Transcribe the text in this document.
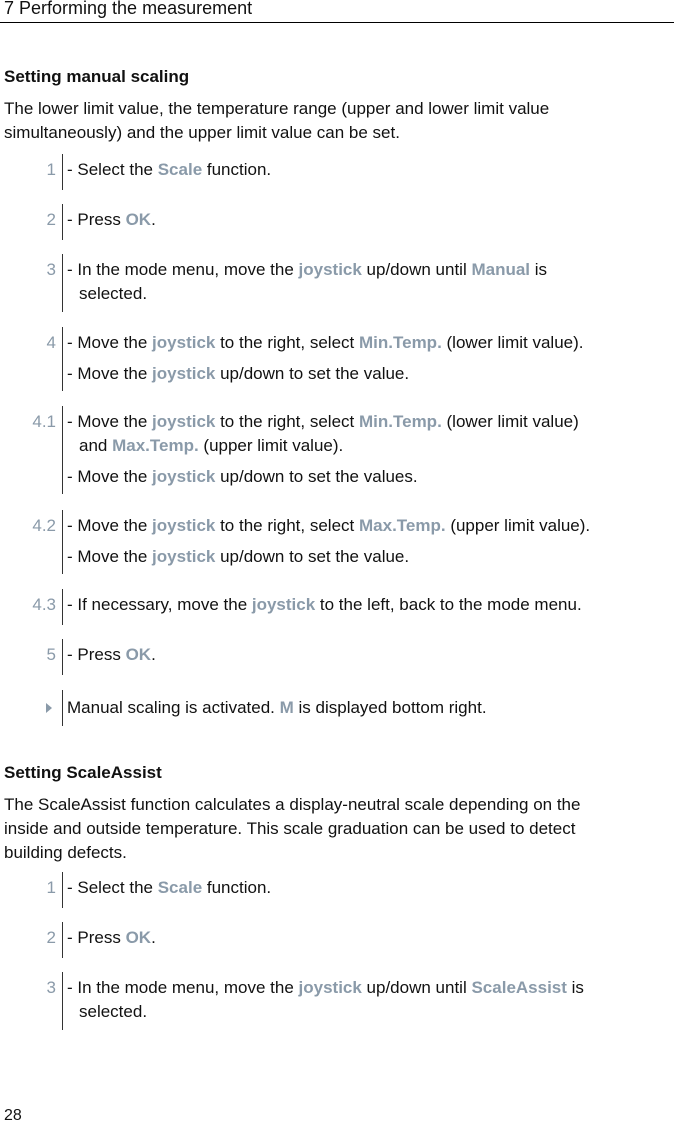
7 Performing the measurement
Setting manual scaling
The lower limit value, the temperature range (upper and lower limit value
simultaneously) and the upper limit value can be set.
1 - Select the Scale function.
2 - Press OK.
3 - In the mode menu, move the joystick up/down until Manual is
selected.
4 - Move the joystick to the right, select Min.Temp. (lower limit value).
- Move the joystick up/down to set the value.
4.1 - Move the joystick to the right, select Min.Temp. (lower limit value)
and Max.Temp. (upper limit value).
- Move the joystick up/down to set the values.
4.2 - Move the joystick to the right, select Max.Temp. (upper limit value).
- Move the joystick up/down to set the value.
4.3 - If necessary, move the joystick to the left, back to the mode menu.
5 - Press OK.
Manual scaling is activated. M is displayed bottom right.
Setting ScaleAssist
The ScaleAssist function calculates a display-neutral scale depending on the
inside and outside temperature. This scale graduation can be used to detect
building defects.
1 - Select the Scale function.
2 - Press OK.
3 - In the mode menu, move the joystick up/down until ScaleAssist is
selected.
28
